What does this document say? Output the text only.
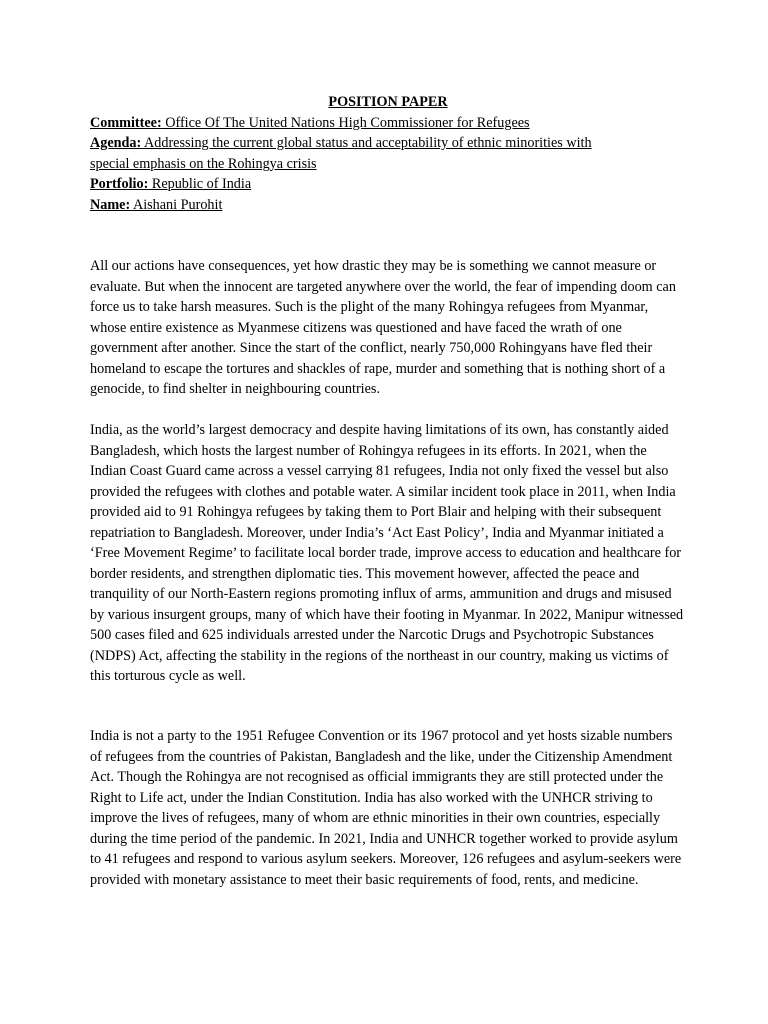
POSITION PAPER

Committee: Office Of The United Nations High Commissioner for Refugees

Agenda: Addressing the current global status and acceptability of ethnic minorities with special emphasis on the Rohingya crisis

Portfolio: Republic of India

Name: Aishani Purohit

All our actions have consequences, yet how drastic they may be is something we cannot measure or evaluate. But when the innocent are targeted anywhere over the world, the fear of impending doom can force us to take harsh measures. Such is the plight of the many Rohingya refugees from Myanmar, whose entire existence as Myanmese citizens was questioned and have faced the wrath of one government after another. Since the start of the conflict, nearly 750,000 Rohingyans have fled their homeland to escape the tortures and shackles of rape, murder and something that is nothing short of a genocide, to find shelter in neighbouring countries.

India, as the world’s largest democracy and despite having limitations of its own, has constantly aided Bangladesh, which hosts the largest number of Rohingya refugees in its efforts. In 2021, when the Indian Coast Guard came across a vessel carrying 81 refugees, India not only fixed the vessel but also provided the refugees with clothes and potable water. A similar incident took place in 2011, when India provided aid to 91 Rohingya refugees by taking them to Port Blair and helping with their subsequent repatriation to Bangladesh. Moreover, under India’s ‘Act East Policy’, India and Myanmar initiated a ‘Free Movement Regime’ to facilitate local border trade, improve access to education and healthcare for border residents, and strengthen diplomatic ties. This movement however, affected the peace and tranquility of our North-Eastern regions promoting influx of arms, ammunition and drugs and misused by various insurgent groups, many of which have their footing in Myanmar. In 2022, Manipur witnessed 500 cases filed and 625 individuals arrested under the Narcotic Drugs and Psychotropic Substances (NDPS) Act, affecting the stability in the regions of the northeast in our country, making us victims of this torturous cycle as well.

India is not a party to the 1951 Refugee Convention or its 1967 protocol and yet hosts sizable numbers of refugees from the countries of Pakistan, Bangladesh and the like, under the Citizenship Amendment Act. Though the Rohingya are not recognised as official immigrants they are still protected under the Right to Life act, under the Indian Constitution. India has also worked with the UNHCR striving to improve the lives of refugees, many of whom are ethnic minorities in their own countries, especially during the time period of the pandemic. In 2021, India and UNHCR together worked to provide asylum to 41 refugees and respond to various asylum seekers. Moreover, 126 refugees and asylum-seekers were provided with monetary assistance to meet their basic requirements of food, rents, and medicine.
